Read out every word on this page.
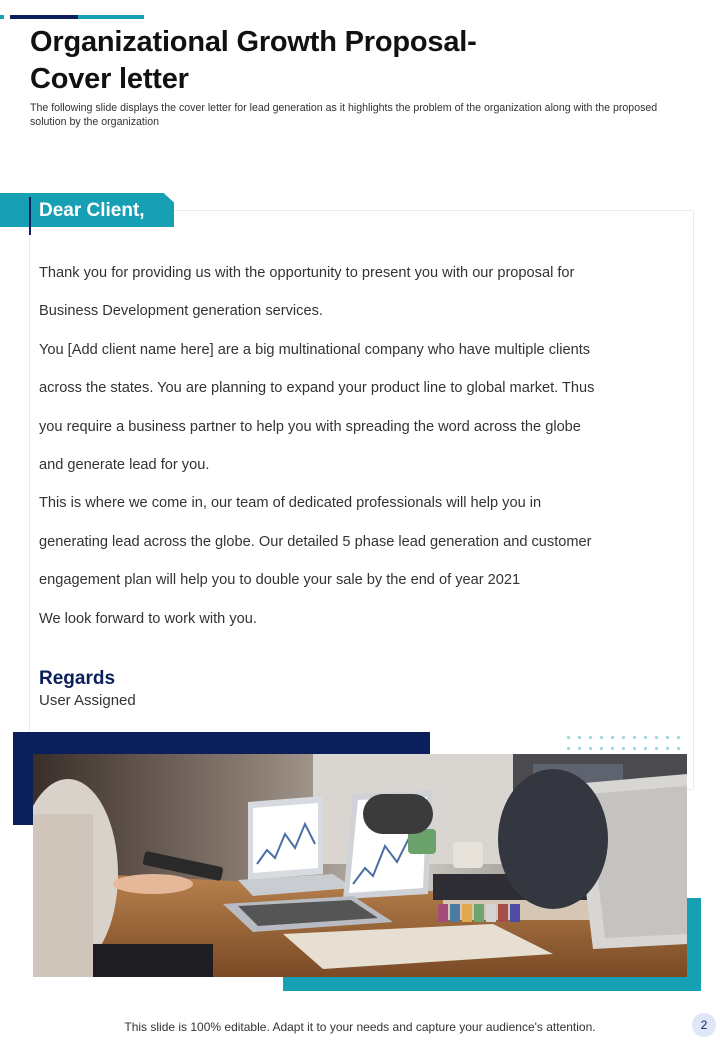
Organizational Growth Proposal-
Cover letter

The following slide displays the cover letter for lead generation as it highlights the problem of the organization along with the proposed solution by the organization

Dear Client,

Thank you for providing us with the opportunity to present you with our proposal for
Business Development generation services.
You [Add client name here] are a big multinational company who have multiple clients
across the states. You are planning to expand your product line to global market. Thus
you require a business partner to help you with spreading the word across the globe
and generate lead for you.
This is where we come in, our team of dedicated professionals will help you in
generating lead across the globe. Our detailed 5 phase lead generation and customer
engagement plan will help you to double your sale by the end of year 2021
We look forward to work with you.

Regards

User Assigned

This slide is 100% editable. Adapt it to your needs and capture your audience's attention.	2
